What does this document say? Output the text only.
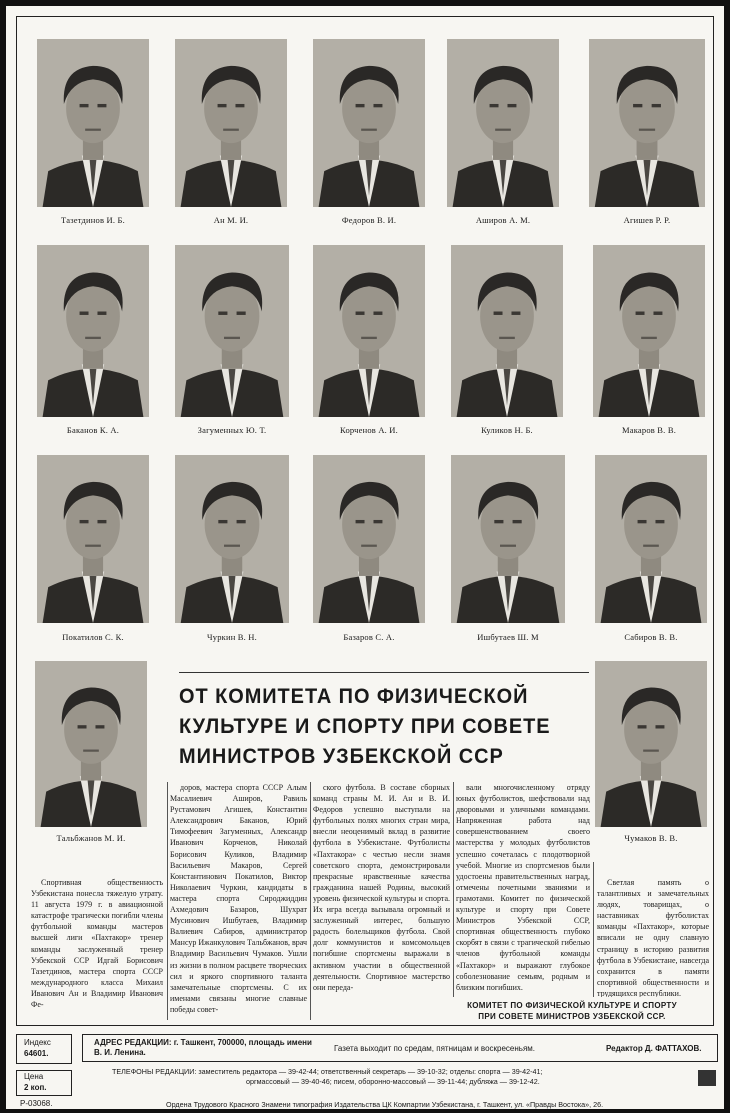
Тазетдинов И. Б.	Ан М. И.	Федоров В. И.	Аширов А. М.	Агишев Р. Р.
Баканов К. А.	Загуменных Ю. Т.	Корченов А. И.	Куликов Н. Б.	Макаров В. В.
Покатилов С. К.	Чуркин В. Н.	Базаров С. А.	Ишбутаев Ш. М	Сабиров В. В.
Тальбжанов М. И.	Чумаков В. В.
ОТ КОМИТЕТА ПО ФИЗИЧЕСКОЙ
КУЛЬТУРЕ И СПОРТУ ПРИ СОВЕТЕ
МИНИСТРОВ УЗБЕКСКОЙ ССР

Спортивная общественность Узбекистана понесла тяжелую утрату. 11 августа 1979 г. в авиационной катастрофе трагически погибли члены футбольной команды мастеров высшей лиги «Пахтакор» тренер команды заслуженный тренер Узбекской ССР Идгай Борисович Тазетдинов, мастера спорта СССР международного класса Михаил Иванович Ан и Владимир Иванович Фе-

доров, мастера спорта СССР Алым Масалиевич Аширов, Равиль Рустамович Агишев, Константин Александрович Баканов, Юрий Тимофеевич Загуменных, Александр Иванович Корченов, Николай Борисович Куликов, Владимир Васильевич Макаров, Сергей Константинович Покатилов, Виктор Николаевич Чуркин, кандидаты в мастера спорта Сироджиддин Ахмедович Базаров, Шухрат Мусинович Ишбутаев, Владимир Валиевич Сабиров, администратор Мансур Ижанкулович Тальбжанов, врач Владимир Васильевич Чумаков. Ушли из жизни в полном расцвете творческих сил и яркого спортивного таланта замечательные спортсмены. С их именами связаны многие славные победы совет-

ского футбола. В составе сборных команд страны М. И. Ан и В. И. Федоров успешно выступали на футбольных полях многих стран мира, внесли неоценимый вклад в развитие футбола в Узбекистане. Футболисты «Пахтакора» с честью несли знамя советского спорта, демонстрировали прекрасные нравственные качества гражданина нашей Родины, высокий уровень физической культуры и спорта. Их игра всегда вызывала огромный и заслуженный интерес, большую радость болельщиков футбола. Свой долг коммунистов и комсомольцев погибшие спортсмены выражали в активном участии в общественной деятельности. Спортивное мастерство они переда-

вали многочисленному отряду юных футболистов, шефствовали над дворовыми и уличными командами. Напряженная работа над совершенствованием своего мастерства у молодых футболистов успешно сочеталась с плодотворной учебой. Многие из спортсменов были удостоены правительственных наград, отмечены почетными званиями и грамотами. Комитет по физической культуре и спорту при Совете Министров Узбекской ССР, спортивная общественность глубоко скорбят в связи с трагической гибелью членов футбольной команды «Пахтакор» и выражают глубокое соболезнование семьям, родным и близким погибших.

Светлая память о талантливых и замечательных людях, товарищах, о наставниках футболистах команды «Пахтакор», которые вписали не одну славную страницу в историю развития футбола в Узбекистане, навсегда сохранится в памяти спортивной общественности и трудящихся республики.

КОМИТЕТ ПО ФИЗИЧЕСКОЙ КУЛЬТУРЕ И СПОРТУ
ПРИ СОВЕТЕ МИНИСТРОВ УЗБЕКСКОЙ ССР.
Индекс
64601.
Цена
2 коп.
Р-03068.
АДРЕС РЕДАКЦИИ: г. Ташкент, 700000, площадь имени В. И. Ленина.	Газета выходит по средам, пятницам и воскресеньям.	Редактор Д. ФАТТАХОВ.
ТЕЛЕФОНЫ РЕДАКЦИИ: заместитель редактора — 39-42-44; ответственный секретарь — 39-10-32; отделы: спорта — 39-42-41;
оргмассовый — 39-40-46; писем, оборонно-массовый — 39-11-44; дубляжа — 39-12-42.
Ордена Трудового Красного Знамени типография Издательства ЦК Компартии Узбекистана, г. Ташкент, ул. «Правды Востока», 26.
